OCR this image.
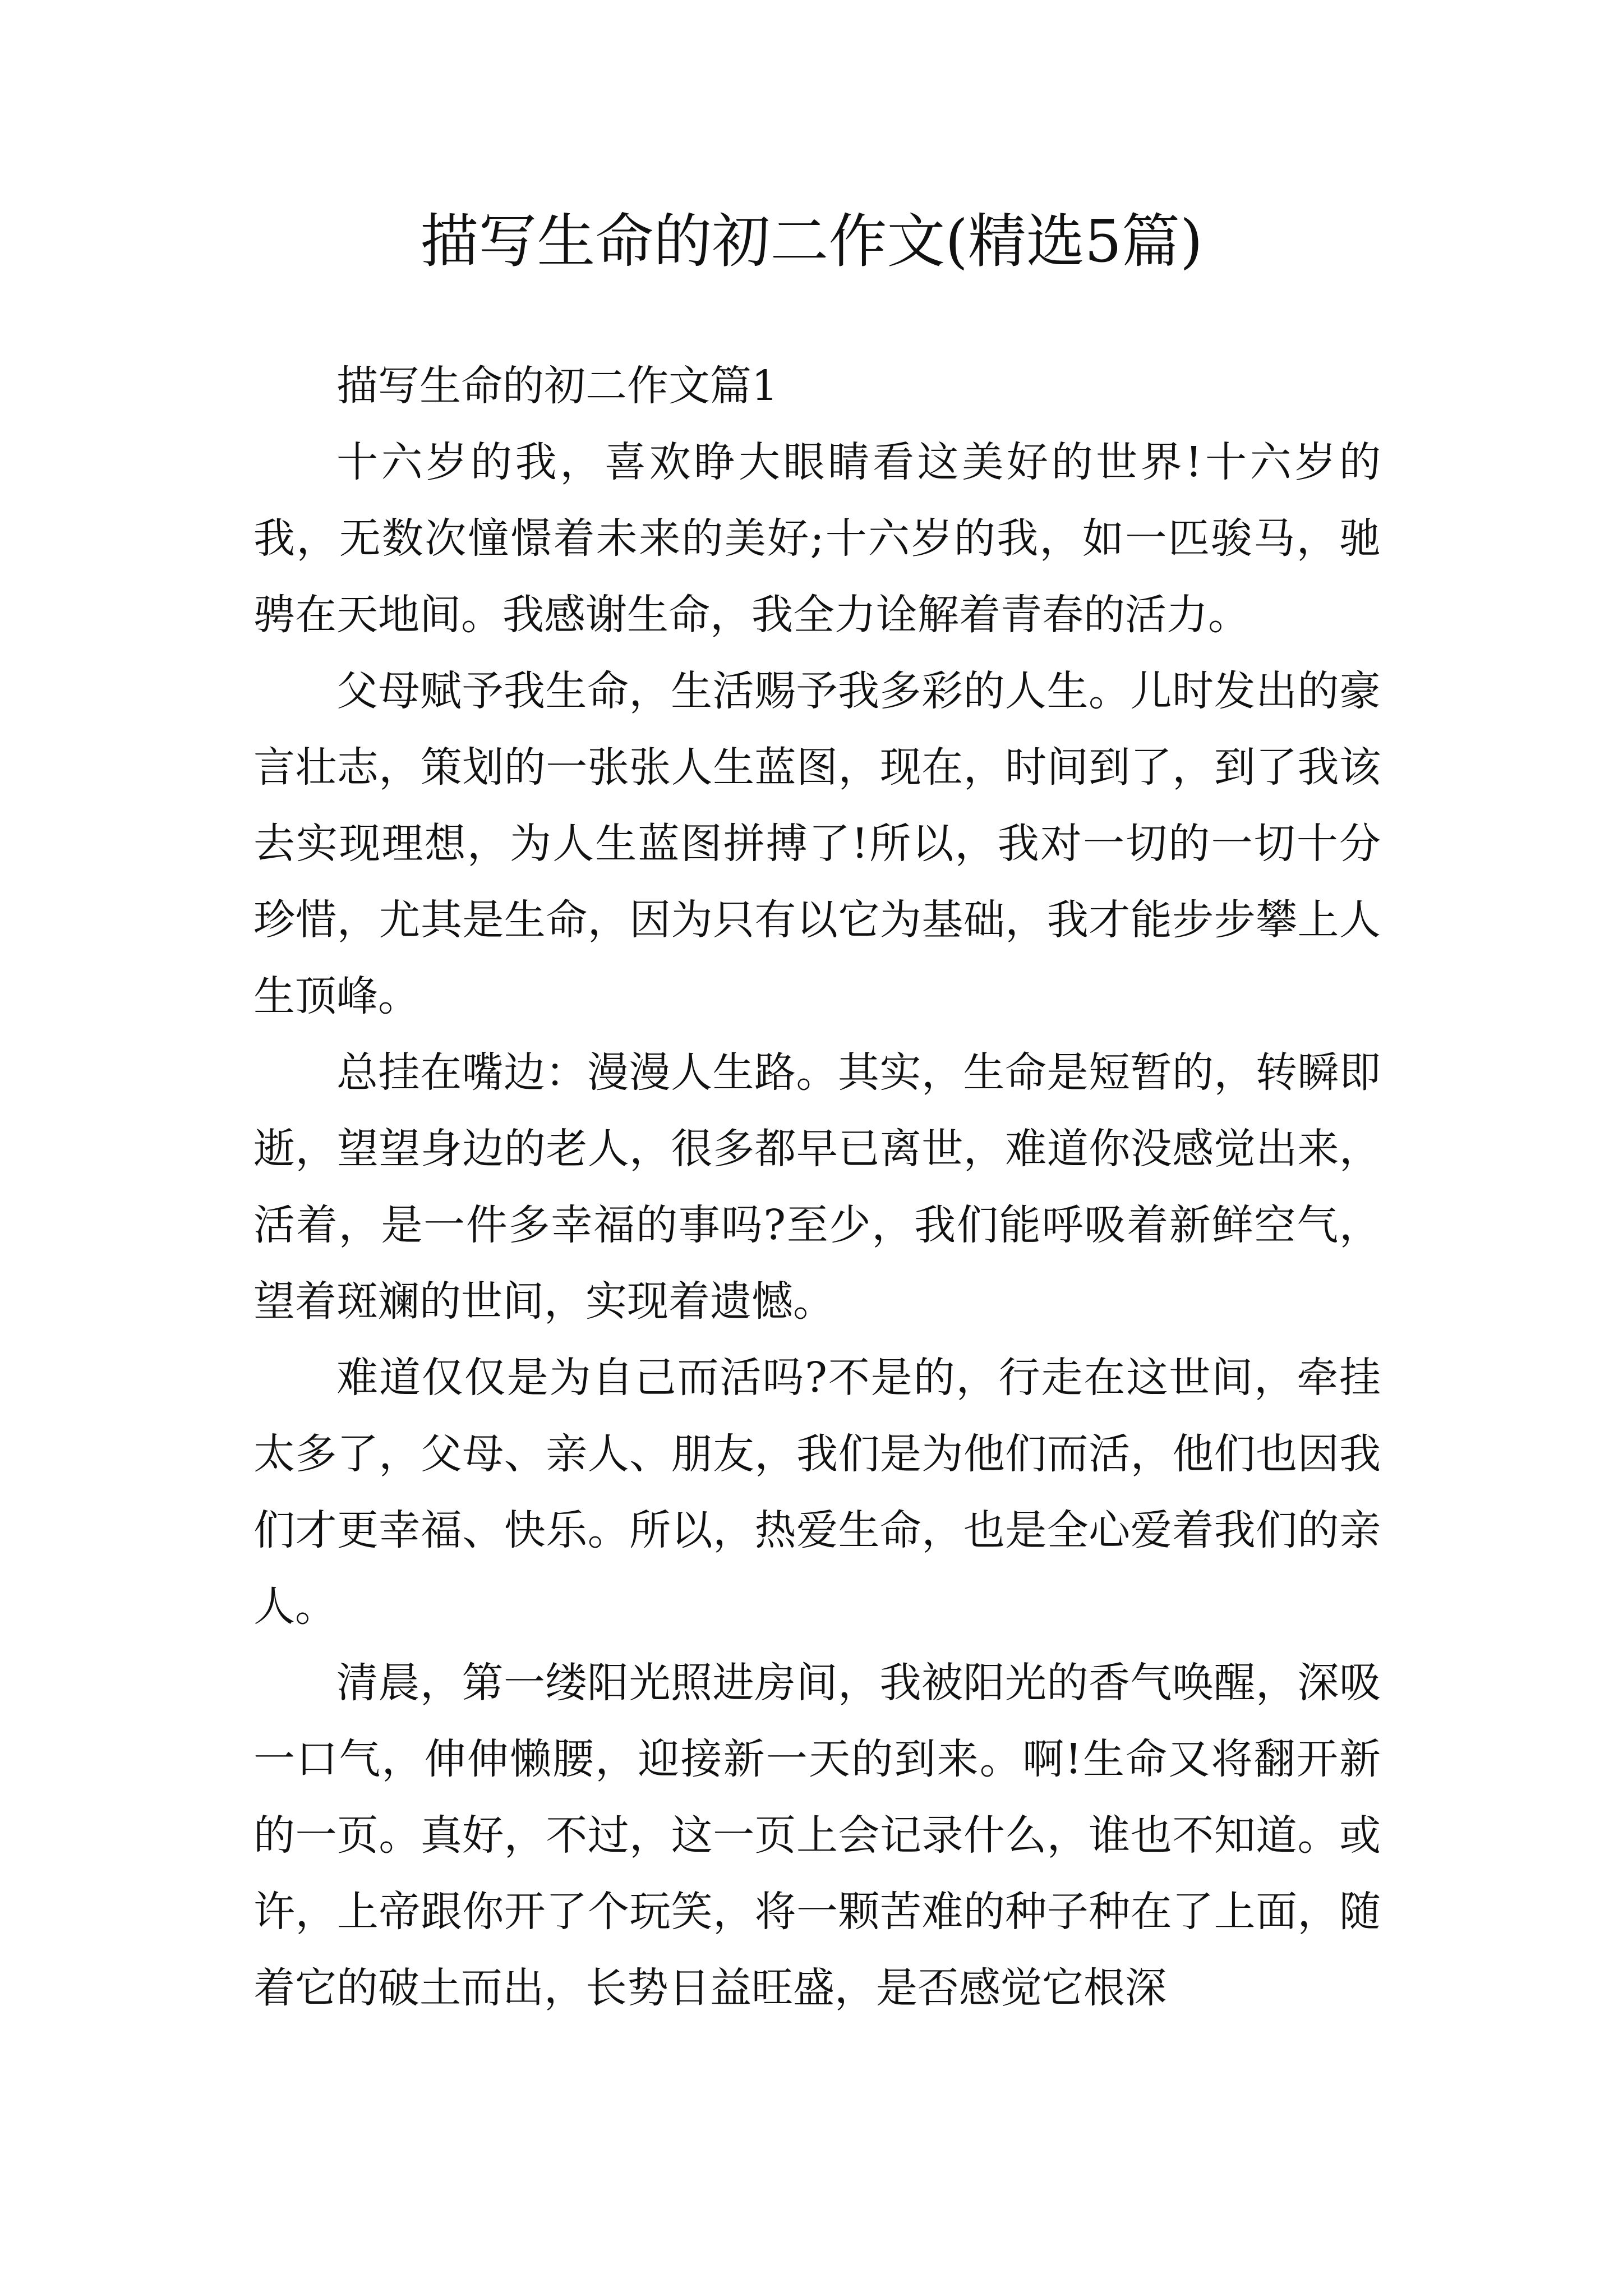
描写生命的初二作文(精选5篇)

描写生命的初二作文篇1

十六岁的我，喜欢睁大眼睛看这美好的世界!十六岁的我，无数次憧憬着未来的美好;十六岁的我，如一匹骏马，驰骋在天地间。我感谢生命，我全力诠解着青春的活力。

父母赋予我生命，生活赐予我多彩的人生。儿时发出的豪言壮志，策划的一张张人生蓝图，现在，时间到了，到了我该去实现理想，为人生蓝图拼搏了!所以，我对一切的一切十分珍惜，尤其是生命，因为只有以它为基础，我才能步步攀上人生顶峰。

总挂在嘴边：漫漫人生路。其实，生命是短暂的，转瞬即逝，望望身边的老人，很多都早已离世，难道你没感觉出来，活着，是一件多幸福的事吗?至少，我们能呼吸着新鲜空气，望着斑斓的世间，实现着遗憾。

难道仅仅是为自己而活吗?不是的，行走在这世间，牵挂太多了，父母、亲人、朋友，我们是为他们而活，他们也因我们才更幸福、快乐。所以，热爱生命，也是全心爱着我们的亲人。

清晨，第一缕阳光照进房间，我被阳光的香气唤醒，深吸一口气，伸伸懒腰，迎接新一天的到来。啊!生命又将翻开新的一页。真好，不过，这一页上会记录什么，谁也不知道。或许，上帝跟你开了个玩笑，将一颗苦难的种子种在了上面，随着它的破土而出，长势日益旺盛，是否感觉它根深
